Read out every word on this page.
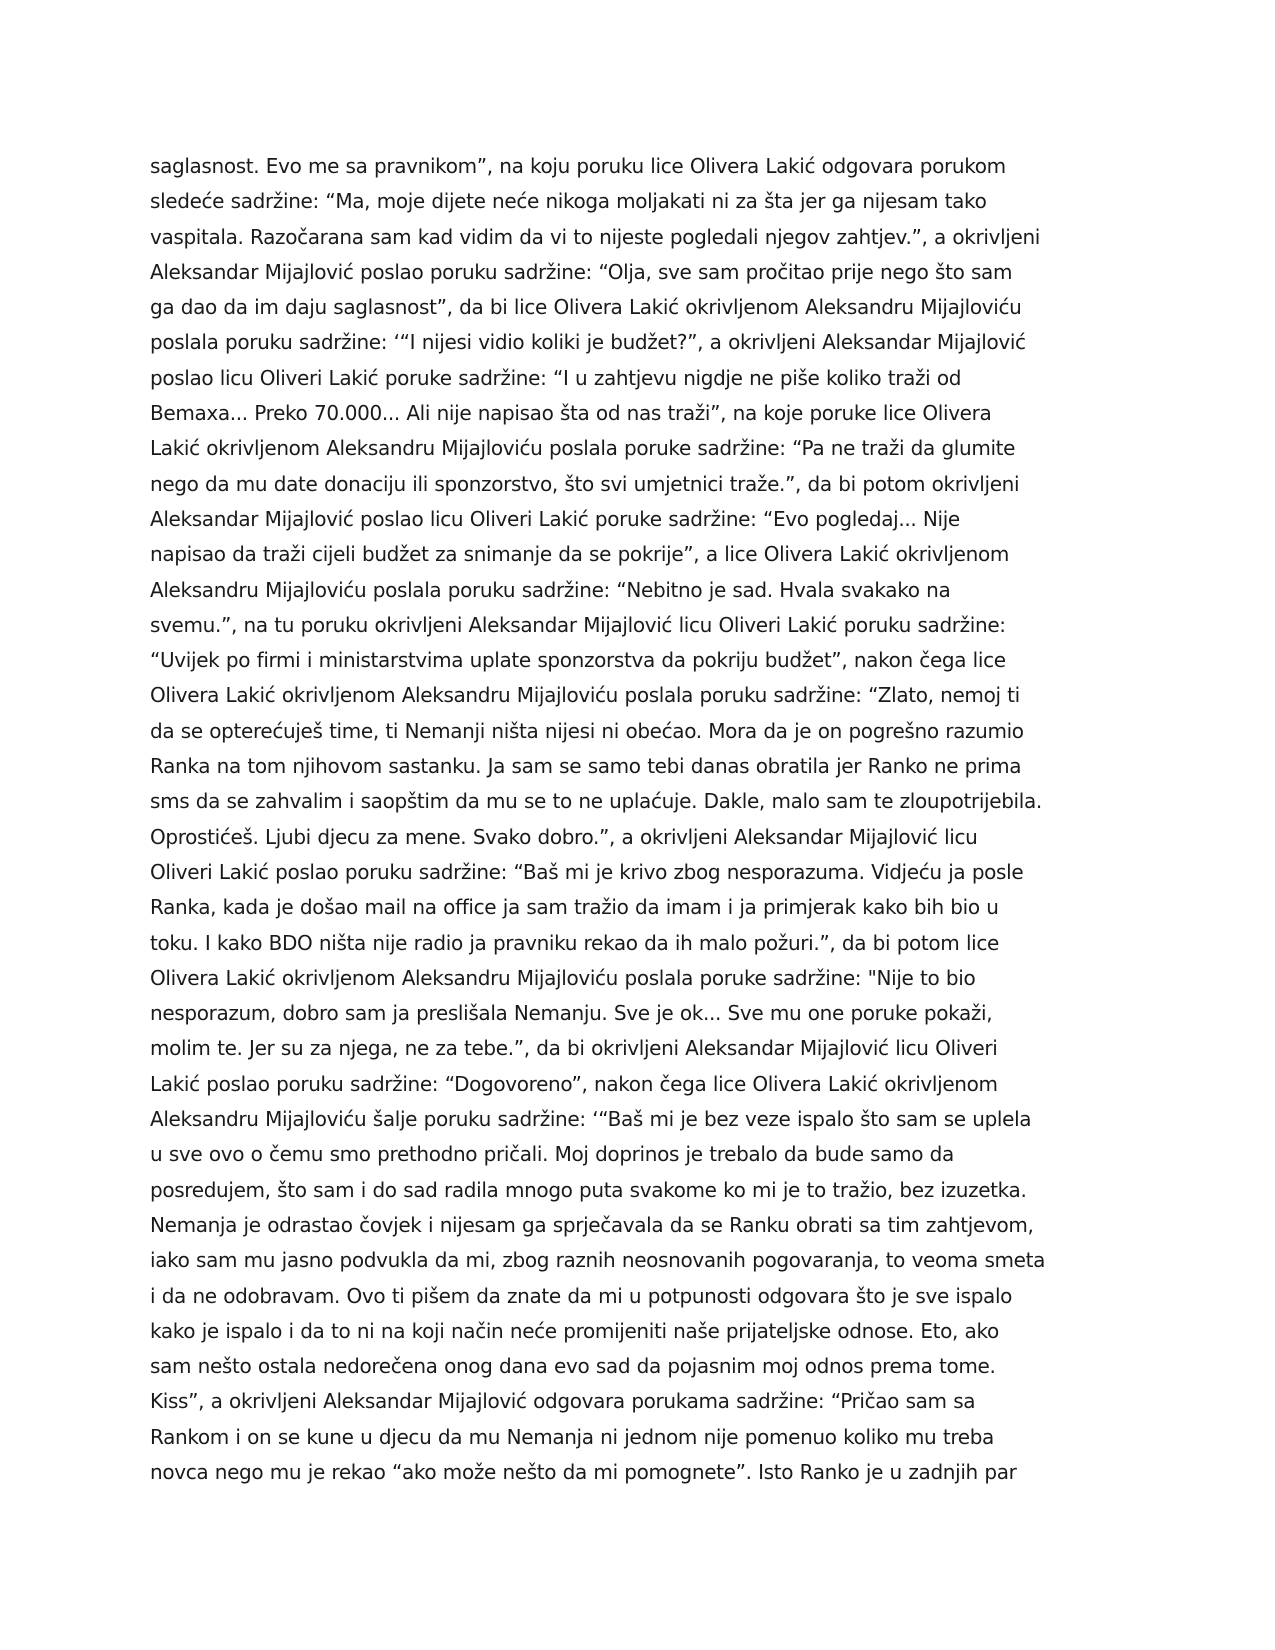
saglasnost. Evo me sa pravnikom”, na koju poruku lice Olivera Lakić odgovara porukom
sledeće sadržine: “Ma, moje dijete neće nikoga moljakati ni za šta jer ga nijesam tako
vaspitala. Razočarana sam kad vidim da vi to nijeste pogledali njegov zahtjev.”, a okrivljeni
Aleksandar Mijajlović poslao poruku sadržine: “Olja, sve sam pročitao prije nego što sam
ga dao da im daju saglasnost”, da bi lice Olivera Lakić okrivljenom Aleksandru Mijajloviću
poslala poruku sadržine: ‘“I nijesi vidio koliki je budžet?”, a okrivljeni Aleksandar Mijajlović
poslao licu Oliveri Lakić poruke sadržine: “I u zahtjevu nigdje ne piše koliko traži od
Bemaxa... Preko 70.000... Ali nije napisao šta od nas traži”, na koje poruke lice Olivera
Lakić okrivljenom Aleksandru Mijajloviću poslala poruke sadržine: “Pa ne traži da glumite
nego da mu date donaciju ili sponzorstvo, što svi umjetnici traže.”, da bi potom okrivljeni
Aleksandar Mijajlović poslao licu Oliveri Lakić poruke sadržine: “Evo pogledaj... Nije
napisao da traži cijeli budžet za snimanje da se pokrije”, a lice Olivera Lakić okrivljenom
Aleksandru Mijajloviću poslala poruku sadržine: “Nebitno je sad. Hvala svakako na
svemu.”, na tu poruku okrivljeni Aleksandar Mijajlović licu Oliveri Lakić poruku sadržine:
“Uvijek po firmi i ministarstvima uplate sponzorstva da pokriju budžet”, nakon čega lice
Olivera Lakić okrivljenom Aleksandru Mijajloviću poslala poruku sadržine: “Zlato, nemoj ti
da se opterećuješ time, ti Nemanji ništa nijesi ni obećao. Mora da je on pogrešno razumio
Ranka na tom njihovom sastanku. Ja sam se samo tebi danas obratila jer Ranko ne prima
sms da se zahvalim i saopštim da mu se to ne uplaćuje. Dakle, malo sam te zloupotrijebila.
Oprostićeš. Ljubi djecu za mene. Svako dobro.”, a okrivljeni Aleksandar Mijajlović licu
Oliveri Lakić poslao poruku sadržine: “Baš mi je krivo zbog nesporazuma. Vidjeću ja posle
Ranka, kada je došao mail na office ja sam tražio da imam i ja primjerak kako bih bio u
toku. I kako BDO ništa nije radio ja pravniku rekao da ih malo požuri.”, da bi potom lice
Olivera Lakić okrivljenom Aleksandru Mijajloviću poslala poruke sadržine: "Nije to bio
nesporazum, dobro sam ja preslišala Nemanju. Sve je ok... Sve mu one poruke pokaži,
molim te. Jer su za njega, ne za tebe.”, da bi okrivljeni Aleksandar Mijajlović licu Oliveri
Lakić poslao poruku sadržine: “Dogovoreno”, nakon čega lice Olivera Lakić okrivljenom
Aleksandru Mijajloviću šalje poruku sadržine: ‘“Baš mi je bez veze ispalo što sam se uplela
u sve ovo o čemu smo prethodno pričali. Moj doprinos je trebalo da bude samo da
posredujem, što sam i do sad radila mnogo puta svakome ko mi je to tražio, bez izuzetka.
Nemanja je odrastao čovjek i nijesam ga sprječavala da se Ranku obrati sa tim zahtjevom,
iako sam mu jasno podvukla da mi, zbog raznih neosnovanih pogovaranja, to veoma smeta
i da ne odobravam. Ovo ti pišem da znate da mi u potpunosti odgovara što je sve ispalo
kako je ispalo i da to ni na koji način neće promijeniti naše prijateljske odnose. Eto, ako
sam nešto ostala nedorečena onog dana evo sad da pojasnim moj odnos prema tome.
Kiss”, a okrivljeni Aleksandar Mijajlović odgovara porukama sadržine: “Pričao sam sa
Rankom i on se kune u djecu da mu Nemanja ni jednom nije pomenuo koliko mu treba
novca nego mu je rekao “ako može nešto da mi pomognete”. Isto Ranko je u zadnjih par
